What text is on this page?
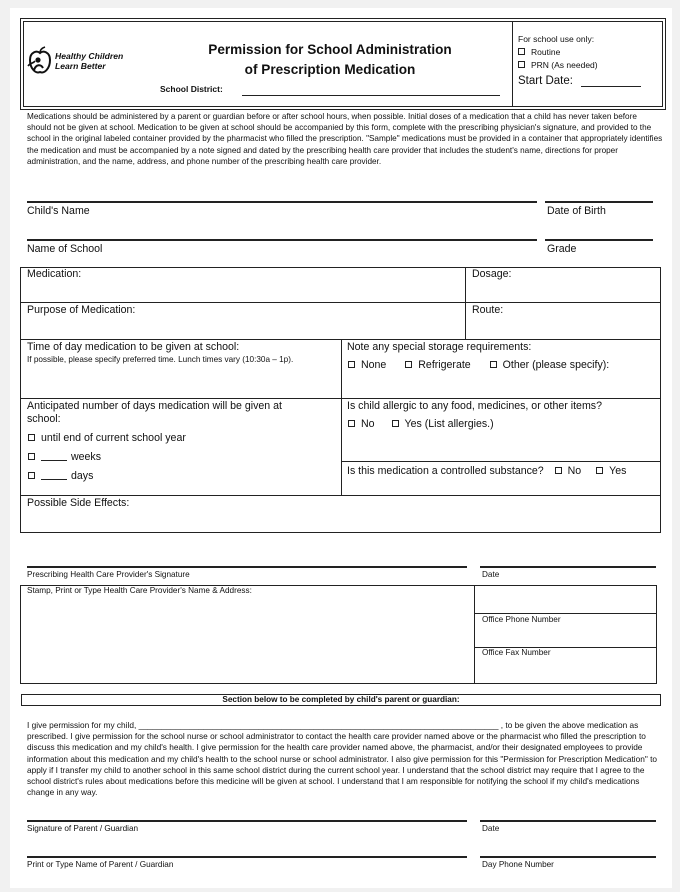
Healthy Children
Learn Better
Permission for School Administration
of Prescription Medication
School District:
For school use only:
Routine
PRN (As needed)
Start Date:
Medications should be administered by a parent or guardian before or after school hours, when possible. Initial doses of a medication that a child has never taken before should not be given at school. Medication to be given at school should be accompanied by this form, complete with the prescribing physician's signature, and provided to the school in the original labeled container provided by the pharmacist who filled the prescription. "Sample" medications must be provided in a container that appropriately identifies the medication and must be accompanied by a note signed and dated by the prescribing health care provider that includes the student's name, directions for proper administration, and the name, address, and phone number of the prescribing health care provider.
Child's Name	Date of Birth
Name of School	Grade
Medication:	Dosage:
Purpose of Medication:	Route:
Time of day medication to be given at school:
If possible, please specify preferred time. Lunch times vary (10:30a – 1p).
Note any special storage requirements:
None	Refrigerate	Other (please specify):
Anticipated number of days medication will be given at
school:
until end of current school year
weeks
days
Is child allergic to any food, medicines, or other items?
No	Yes (List allergies.)
Is this medication a controlled substance? No	Yes
Possible Side Effects:
Prescribing Health Care Provider's Signature	Date
Stamp, Print or Type Health Care Provider's Name & Address:
Office Phone Number
Office Fax Number
Section below to be completed by child's parent or guardian:
I give permission for my child, ______________________________________________________________________________ , to be given the above medication as prescribed. I give permission for the school nurse or school administrator to contact the health care provider named above or the pharmacist who filled the prescription to discuss this medication and my child's health. I give permission for the health care provider named above, the pharmacist, and/or their designated employees to provide information about this medication and my child's health to the school nurse or school administrator. I also give permission for this "Permission for Prescription Medication" to apply if I transfer my child to another school in this same school district during the current school year. I understand that the school district may require that I agree to the school district's rules about medications before this medicine will be given at school. I understand that I am responsible for notifying the school if my child's medications change in any way.
Signature of Parent / Guardian	Date
Print or Type Name of Parent / Guardian	Day Phone Number
